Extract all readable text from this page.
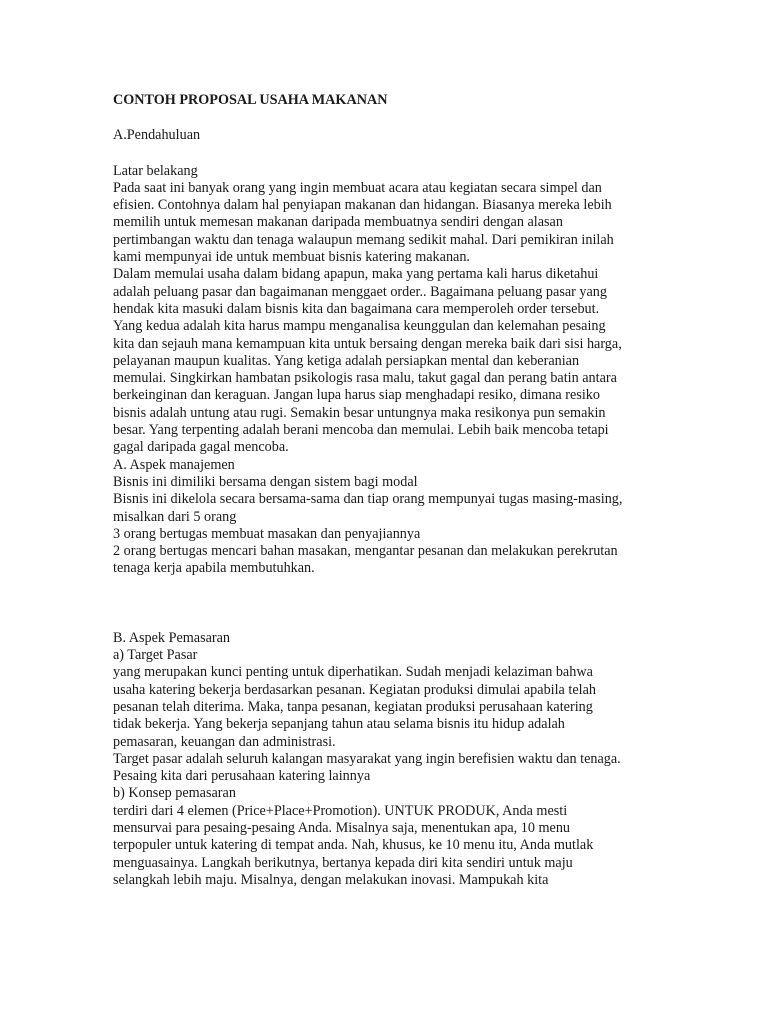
CONTOH PROPOSAL USAHA MAKANAN

A.Pendahuluan

Latar belakang

Pada saat ini banyak orang yang ingin membuat acara atau kegiatan secara simpel dan

efisien. Contohnya dalam hal penyiapan makanan dan hidangan. Biasanya mereka lebih

memilih untuk memesan makanan daripada membuatnya sendiri dengan alasan

pertimbangan waktu dan tenaga walaupun memang sedikit mahal. Dari pemikiran inilah

kami mempunyai ide untuk membuat bisnis katering makanan.

Dalam memulai usaha dalam bidang apapun, maka yang pertama kali harus diketahui

adalah peluang pasar dan bagaimanan menggaet order.. Bagaimana peluang pasar yang

hendak kita masuki dalam bisnis kita dan bagaimana cara memperoleh order tersebut.

Yang kedua adalah kita harus mampu menganalisa keunggulan dan kelemahan pesaing

kita dan sejauh mana kemampuan kita untuk bersaing dengan mereka baik dari sisi harga,

pelayanan maupun kualitas. Yang ketiga adalah persiapkan mental dan keberanian

memulai. Singkirkan hambatan psikologis rasa malu, takut gagal dan perang batin antara

berkeinginan dan keraguan. Jangan lupa harus siap menghadapi resiko, dimana resiko

bisnis adalah untung atau rugi. Semakin besar untungnya maka resikonya pun semakin

besar. Yang terpenting adalah berani mencoba dan memulai. Lebih baik mencoba tetapi

gagal daripada gagal mencoba.

A. Aspek manajemen

Bisnis ini dimiliki bersama dengan sistem bagi modal

Bisnis ini dikelola secara bersama-sama dan tiap orang mempunyai tugas masing-masing,

misalkan dari 5 orang

3 orang bertugas membuat masakan dan penyajiannya

2 orang bertugas mencari bahan masakan, mengantar pesanan dan melakukan perekrutan

tenaga kerja apabila membutuhkan.

B. Aspek Pemasaran

a) Target Pasar

yang merupakan kunci penting untuk diperhatikan. Sudah menjadi kelaziman bahwa

usaha katering bekerja berdasarkan pesanan. Kegiatan produksi dimulai apabila telah

pesanan telah diterima. Maka, tanpa pesanan, kegiatan produksi perusahaan katering

tidak bekerja. Yang bekerja sepanjang tahun atau selama bisnis itu hidup adalah

pemasaran, keuangan dan administrasi.

Target pasar adalah seluruh kalangan masyarakat yang ingin berefisien waktu dan tenaga.

Pesaing kita dari perusahaan katering lainnya

b) Konsep pemasaran

terdiri dari 4 elemen (Price+Place+Promotion). UNTUK PRODUK, Anda mesti

mensurvai para pesaing-pesaing Anda. Misalnya saja, menentukan apa, 10 menu

terpopuler untuk katering di tempat anda. Nah, khusus, ke 10 menu itu, Anda mutlak

menguasainya. Langkah berikutnya, bertanya kepada diri kita sendiri untuk maju

selangkah lebih maju. Misalnya, dengan melakukan inovasi. Mampukah kita
